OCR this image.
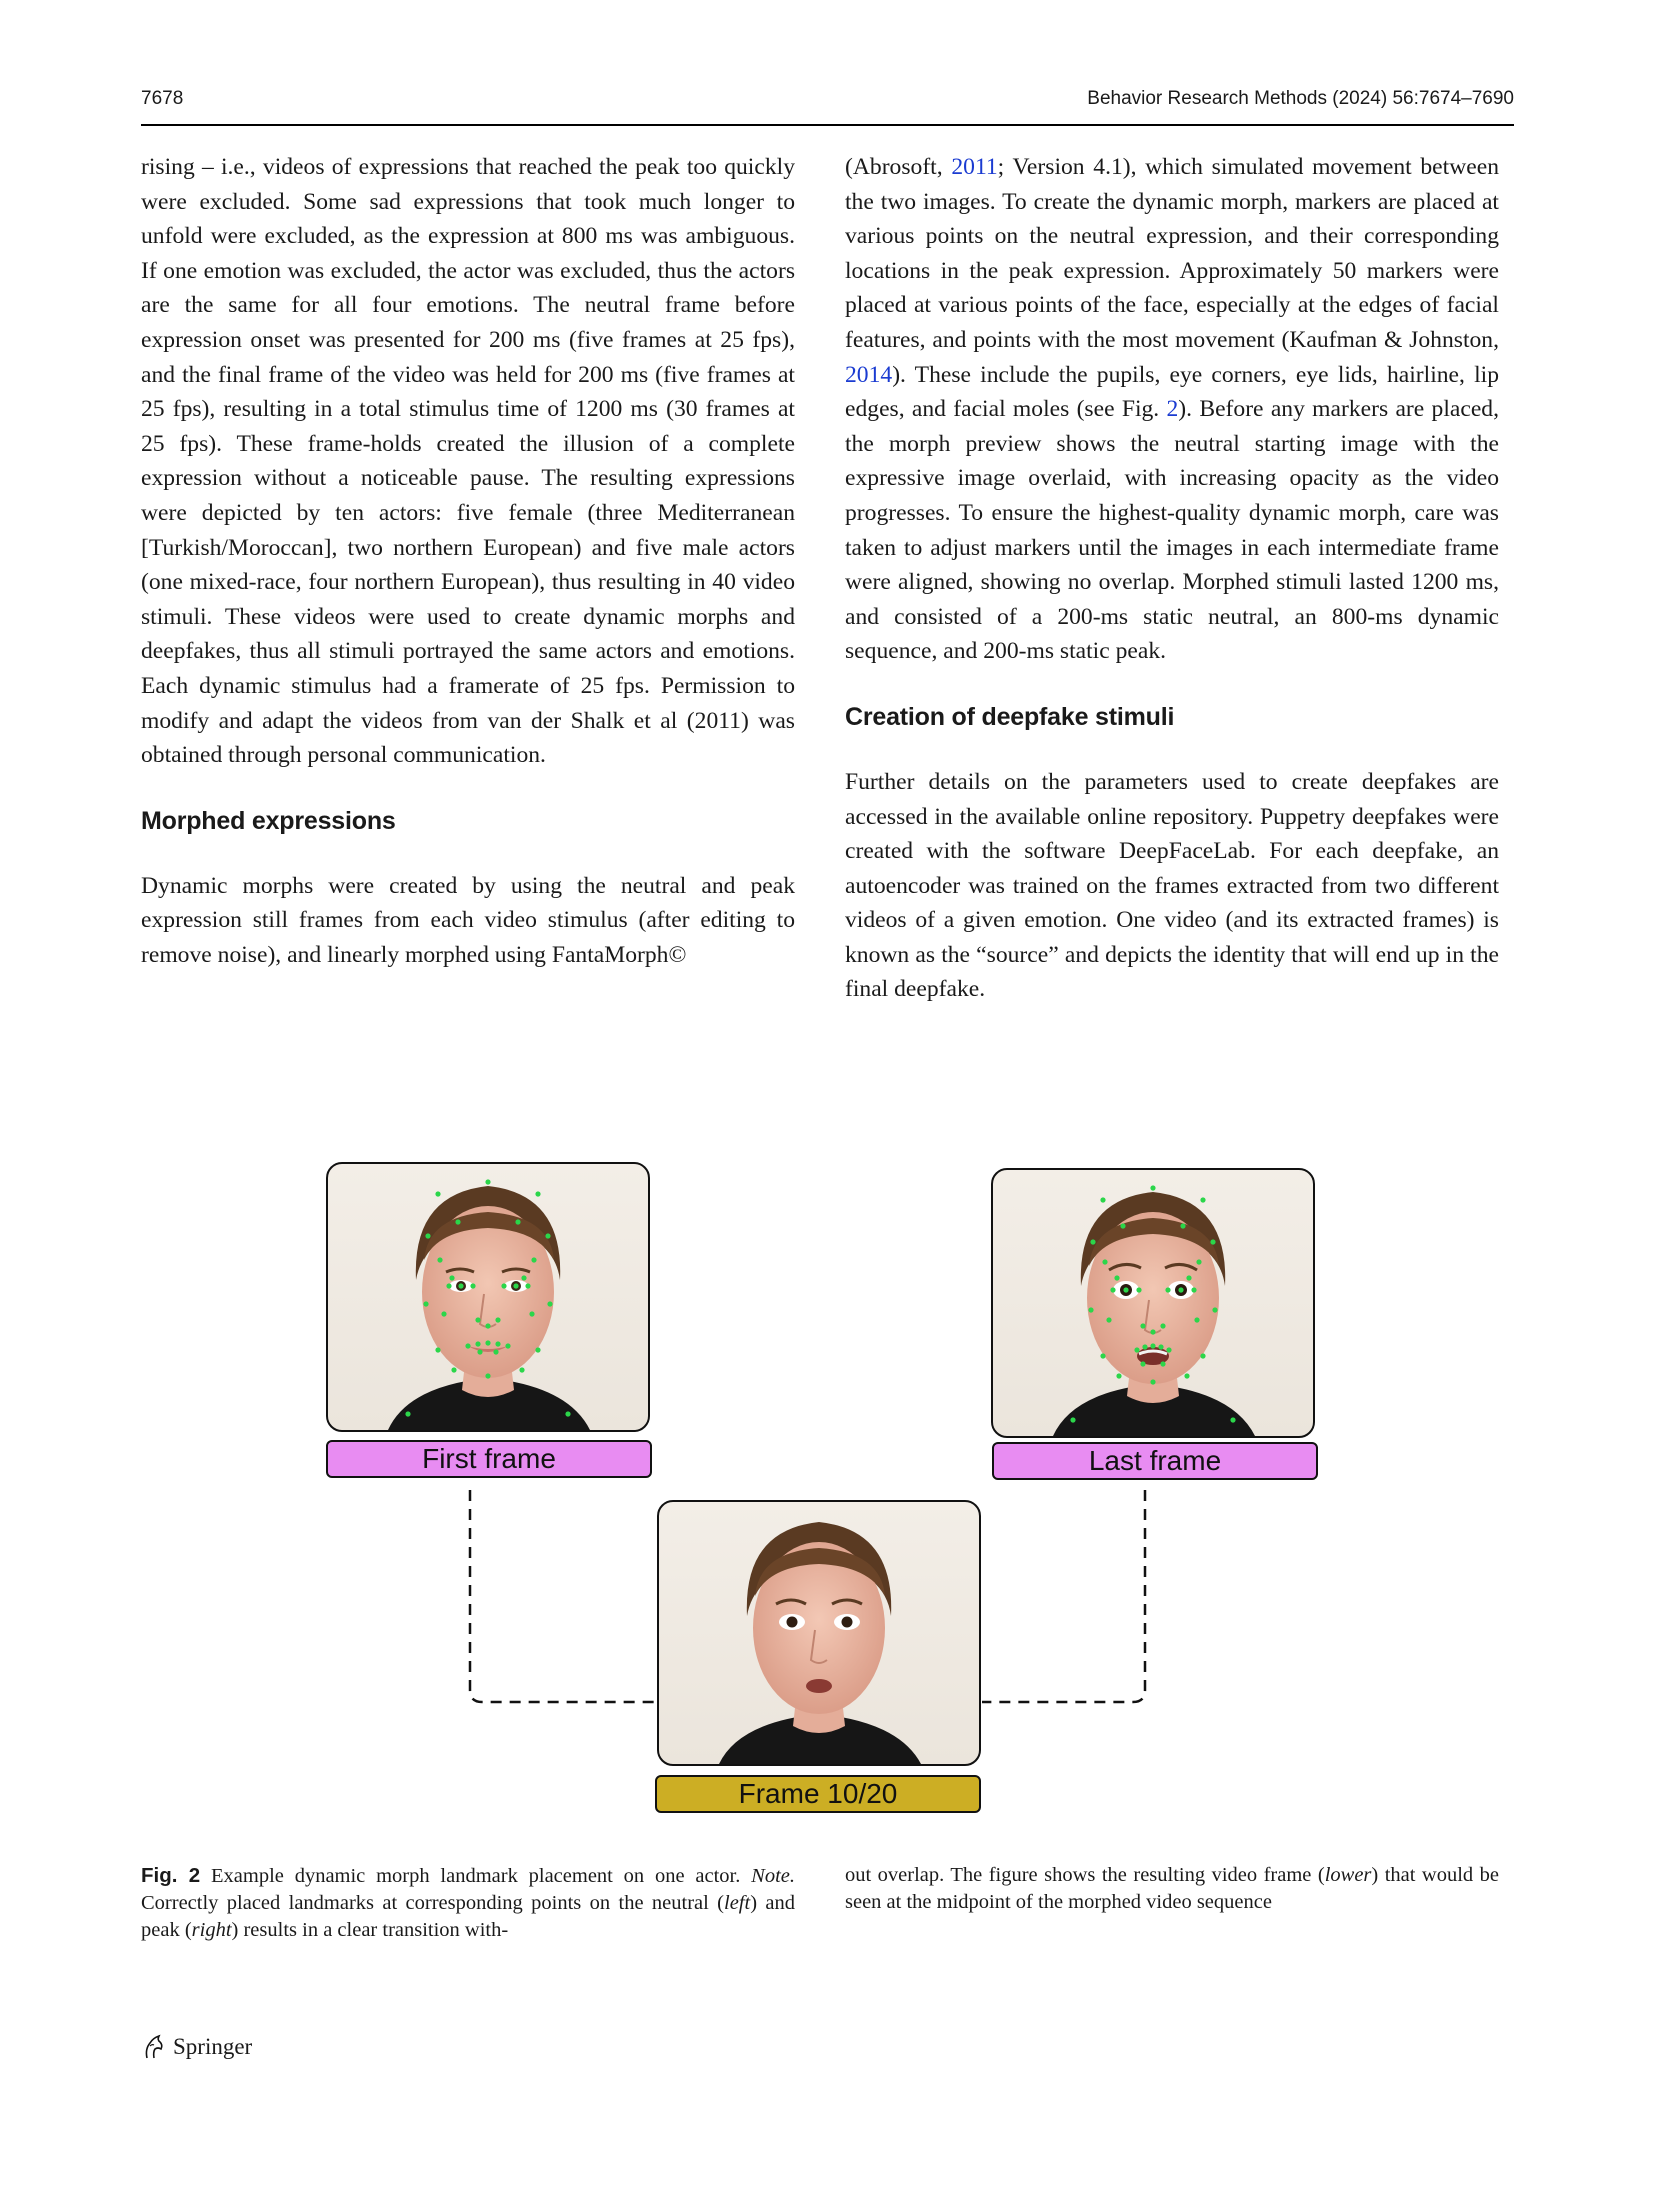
7678	Behavior Research Methods (2024) 56:7674–7690

rising – i.e., videos of expressions that reached the peak too quickly were excluded. Some sad expressions that took much longer to unfold were excluded, as the expression at 800 ms was ambiguous. If one emotion was excluded, the actor was excluded, thus the actors are the same for all four emotions. The neutral frame before expression onset was presented for 200 ms (five frames at 25 fps), and the final frame of the video was held for 200 ms (five frames at 25 fps), resulting in a total stimulus time of 1200 ms (30 frames at 25 fps). These frame-holds created the illusion of a complete expression without a noticeable pause. The resulting expressions were depicted by ten actors: five female (three Mediterranean [Turkish/Moroccan], two northern European) and five male actors (one mixed-race, four northern European), thus resulting in 40 video stimuli. These videos were used to create dynamic morphs and deepfakes, thus all stimuli portrayed the same actors and emotions. Each dynamic stimulus had a framerate of 25 fps. Permission to modify and adapt the videos from van der Shalk et al (2011) was obtained through personal communication.

Morphed expressions

Dynamic morphs were created by using the neutral and peak expression still frames from each video stimulus (after editing to remove noise), and linearly morphed using FantaMorph©

(Abrosoft, 2011; Version 4.1), which simulated movement between the two images. To create the dynamic morph, markers are placed at various points on the neutral expression, and their corresponding locations in the peak expression. Approximately 50 markers were placed at various points of the face, especially at the edges of facial features, and points with the most movement (Kaufman & Johnston, 2014). These include the pupils, eye corners, eye lids, hairline, lip edges, and facial moles (see Fig. 2). Before any markers are placed, the morph preview shows the neutral starting image with the expressive image overlaid, with increasing opacity as the video progresses. To ensure the highest-quality dynamic morph, care was taken to adjust markers until the images in each intermediate frame were aligned, showing no overlap. Morphed stimuli lasted 1200 ms, and consisted of a 200-ms static neutral, an 800-ms dynamic sequence, and 200-ms static peak.

Creation of deepfake stimuli

Further details on the parameters used to create deepfakes are accessed in the available online repository. Puppetry deepfakes were created with the software DeepFaceLab. For each deepfake, an autoencoder was trained on the frames extracted from two different videos of a given emotion. One video (and its extracted frames) is known as the “source” and depicts the identity that will end up in the final deepfake.

First frame	Last frame
Frame 10/20
Fig. 2 Example dynamic morph landmark placement on one actor. Note. Correctly placed landmarks at corresponding points on the neutral (left) and peak (right) results in a clear transition with-
out overlap. The figure shows the resulting video frame (lower) that would be seen at the midpoint of the morphed video sequence
Springer
